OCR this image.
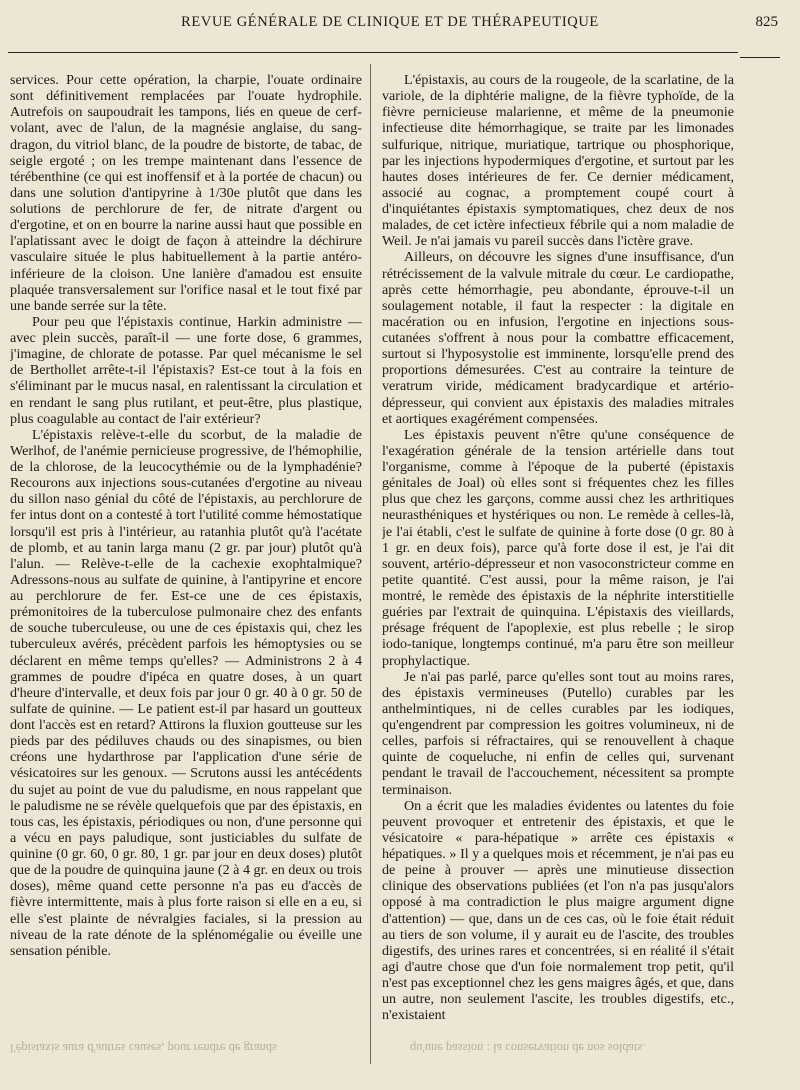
REVUE GÉNÉRALE DE CLINIQUE ET DE THÉRAPEUTIQUE	825

services. Pour cette opération, la charpie, l'ouate ordinaire sont définitivement remplacées par l'ouate hydrophile. Autrefois on saupoudrait les tampons, liés en queue de cerf-volant, avec de l'alun, de la magnésie anglaise, du sang-dragon, du vitriol blanc, de la poudre de bistorte, de tabac, de seigle ergoté ; on les trempe maintenant dans l'essence de térébenthine (ce qui est inoffensif et à la portée de chacun) ou dans une solution d'antipyrine à 1/30e plutôt que dans les solutions de perchlorure de fer, de nitrate d'argent ou d'ergotine, et on en bourre la narine aussi haut que possible en l'aplatissant avec le doigt de façon à atteindre la déchirure vasculaire située le plus habituellement à la partie antéro-inférieure de la cloison. Une lanière d'amadou est ensuite plaquée transversalement sur l'orifice nasal et le tout fixé par une bande serrée sur la tête.

Pour peu que l'épistaxis continue, Harkin administre — avec plein succès, paraît-il — une forte dose, 6 grammes, j'imagine, de chlorate de potasse. Par quel mécanisme le sel de Berthollet arrête-t-il l'épistaxis? Est-ce tout à la fois en s'éliminant par le mucus nasal, en ralentissant la circulation et en rendant le sang plus rutilant, et peut-être, plus plastique, plus coagulable au contact de l'air extérieur?

L'épistaxis relève-t-elle du scorbut, de la maladie de Werlhof, de l'anémie pernicieuse progressive, de l'hémophilie, de la chlorose, de la leucocythémie ou de la lymphadénie? Recourons aux injections sous-cutanées d'ergotine au niveau du sillon naso génial du côté de l'épistaxis, au perchlorure de fer intus dont on a contesté à tort l'utilité comme hémostatique lorsqu'il est pris à l'intérieur, au ratanhia plutôt qu'à l'acétate de plomb, et au tanin larga manu (2 gr. par jour) plutôt qu'à l'alun. — Relève-t-elle de la cachexie exophtalmique? Adressons-nous au sulfate de quinine, à l'antipyrine et encore au perchlorure de fer. Est-ce une de ces épistaxis, prémonitoires de la tuberculose pulmonaire chez des enfants de souche tuberculeuse, ou une de ces épistaxis qui, chez les tuberculeux avérés, précèdent parfois les hémoptysies ou se déclarent en même temps qu'elles? — Administrons 2 à 4 grammes de poudre d'ipéca en quatre doses, à un quart d'heure d'intervalle, et deux fois par jour 0 gr. 40 à 0 gr. 50 de sulfate de quinine. — Le patient est-il par hasard un goutteux dont l'accès est en retard? Attirons la fluxion goutteuse sur les pieds par des pédiluves chauds ou des sinapismes, ou bien créons une hydarthrose par l'application d'une série de vésicatoires sur les genoux. — Scrutons aussi les antécédents du sujet au point de vue du paludisme, en nous rappelant que le paludisme ne se révèle quelquefois que par des épistaxis, en tous cas, les épistaxis, périodiques ou non, d'une personne qui a vécu en pays paludique, sont justiciables du sulfate de quinine (0 gr. 60, 0 gr. 80, 1 gr. par jour en deux doses) plutôt que de la poudre de quinquina jaune (2 à 4 gr. en deux ou trois doses), même quand cette personne n'a pas eu d'accès de fièvre intermittente, mais à plus forte raison si elle en a eu, si elle s'est plainte de névralgies faciales, si la pression au niveau de la rate dénote de la splénomégalie ou éveille une sensation pénible.

L'épistaxis, au cours de la rougeole, de la scarlatine, de la variole, de la diphtérie maligne, de la fièvre typhoïde, de la fièvre pernicieuse malarienne, et même de la pneumonie infectieuse dite hémorrhagique, se traite par les limonades sulfurique, nitrique, muriatique, tartrique ou phosphorique, par les injections hypodermiques d'ergotine, et surtout par les hautes doses intérieures de fer. Ce dernier médicament, associé au cognac, a promptement coupé court à d'inquiétantes épistaxis symptomatiques, chez deux de nos malades, de cet ictère infectieux fébrile qui a nom maladie de Weil. Je n'ai jamais vu pareil succès dans l'ictère grave.

Ailleurs, on découvre les signes d'une insuffisance, d'un rétrécissement de la valvule mitrale du cœur. Le cardiopathe, après cette hémorrhagie, peu abondante, éprouve-t-il un soulagement notable, il faut la respecter : la digitale en macération ou en infusion, l'ergotine en injections sous-cutanées s'offrent à nous pour la combattre efficacement, surtout si l'hyposystolie est imminente, lorsqu'elle prend des proportions démesurées. C'est au contraire la teinture de veratrum viride, médicament bradycardique et artério-dépresseur, qui convient aux épistaxis des maladies mitrales et aortiques exagérément compensées.

Les épistaxis peuvent n'être qu'une conséquence de l'exagération générale de la tension artérielle dans tout l'organisme, comme à l'époque de la puberté (épistaxis génitales de Joal) où elles sont si fréquentes chez les filles plus que chez les garçons, comme aussi chez les arthritiques neurasthéniques et hystériques ou non. Le remède à celles-là, je l'ai établi, c'est le sulfate de quinine à forte dose (0 gr. 80 à 1 gr. en deux fois), parce qu'à forte dose il est, je l'ai dit souvent, artério-dépresseur et non vasoconstricteur comme en petite quantité. C'est aussi, pour la même raison, je l'ai montré, le remède des épistaxis de la néphrite interstitielle guéries par l'extrait de quinquina. L'épistaxis des vieillards, présage fréquent de l'apoplexie, est plus rebelle ; le sirop iodo-tanique, longtemps continué, m'a paru être son meilleur prophylactique.

Je n'ai pas parlé, parce qu'elles sont tout au moins rares, des épistaxis vermineuses (Putello) curables par les anthelmintiques, ni de celles curables par les iodiques, qu'engendrent par compression les goitres volumineux, ni de celles, parfois si réfractaires, qui se renouvellent à chaque quinte de coqueluche, ni enfin de celles qui, survenant pendant le travail de l'accouchement, nécessitent sa prompte terminaison.

On a écrit que les maladies évidentes ou latentes du foie peuvent provoquer et entretenir des épistaxis, et que le vésicatoire « para-hépatique » arrête ces épistaxis « hépatiques. » Il y a quelques mois et récemment, je n'ai pas eu de peine à prouver — après une minutieuse dissection clinique des observations publiées (et l'on n'a pas jusqu'alors opposé à ma contradiction le plus maigre argument digne d'attention) — que, dans un de ces cas, où le foie était réduit au tiers de son volume, il y aurait eu de l'ascite, des troubles digestifs, des urines rares et concentrées, si en réalité il s'était agi d'autre chose que d'un foie normalement trop petit, qu'il n'est pas exceptionnel chez les gens maigres âgés, et que, dans un autre, non seulement l'ascite, les troubles digestifs, etc., n'existaient

l'épistaxis aura d'autres causes, pour rendre de grands	qu'une passion : la conservation de nos soldats.
